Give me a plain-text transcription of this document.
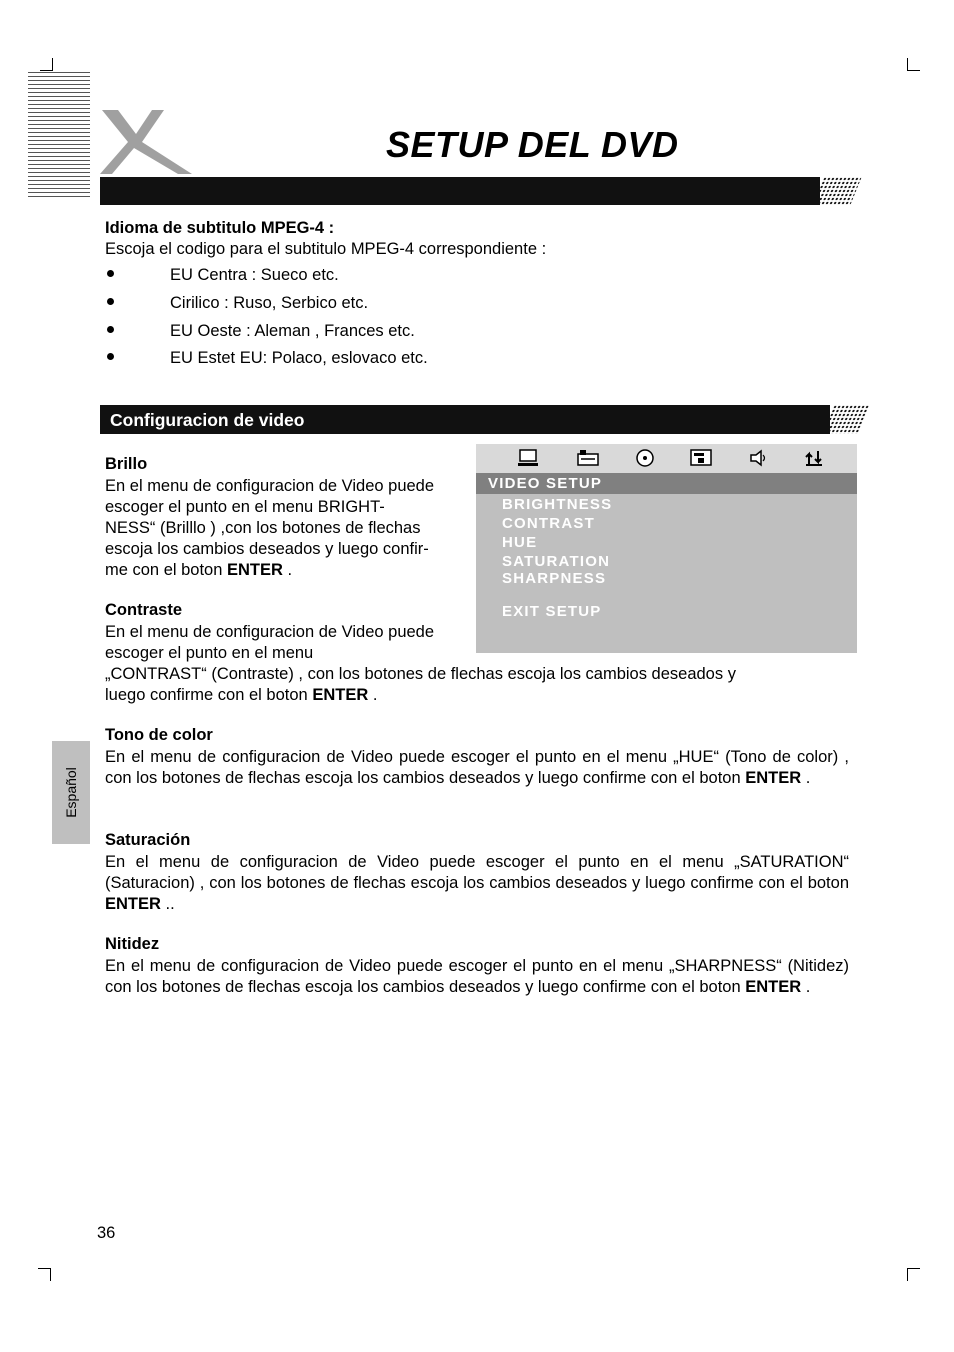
SETUP DEL DVD
Idioma de subtitulo MPEG-4 :
Escoja el codigo para el subtitulo MPEG-4 correspondiente :
EU Centra : Sueco etc.
Cirilico : Ruso, Serbico etc.
EU Oeste : Aleman , Frances etc.
EU Estet EU: Polaco, eslovaco etc.
Configuracion de video
VIDEO SETUP
BRIGHTNESS
CONTRAST
HUE
SATURATION
SHARPNESS
EXIT SETUP
Brillo
En el menu de configuracion de Video puede
escoger el punto en el menu BRIGHT-
NESS“ (Brilllo ) ,con los botones de flechas
escoja los cambios deseados y luego confir-
me con el boton ENTER .
Contraste
En el menu de configuracion de Video puede
escoger el punto en el menu
„CONTRAST“ (Contraste) , con los botones de flechas escoja los cambios deseados y
luego confirme con el boton ENTER .
Tono de color
En el menu de configuracion de Video puede escoger el punto en el menu „HUE“ (Tono de color) , con los botones de flechas escoja los cambios deseados y luego confirme con el boton ENTER .
Saturación
En el menu de configuracion de Video puede escoger el punto en el menu „SATURATION“ (Saturacion) , con los botones de flechas escoja los cambios deseados y luego confirme con el boton ENTER ..
Nitidez
En el menu de configuracion de Video puede escoger el punto en el menu „SHARPNESS“ (Nitidez) con los botones de flechas escoja los cambios deseados y luego confirme con el boton ENTER .
Español
36
